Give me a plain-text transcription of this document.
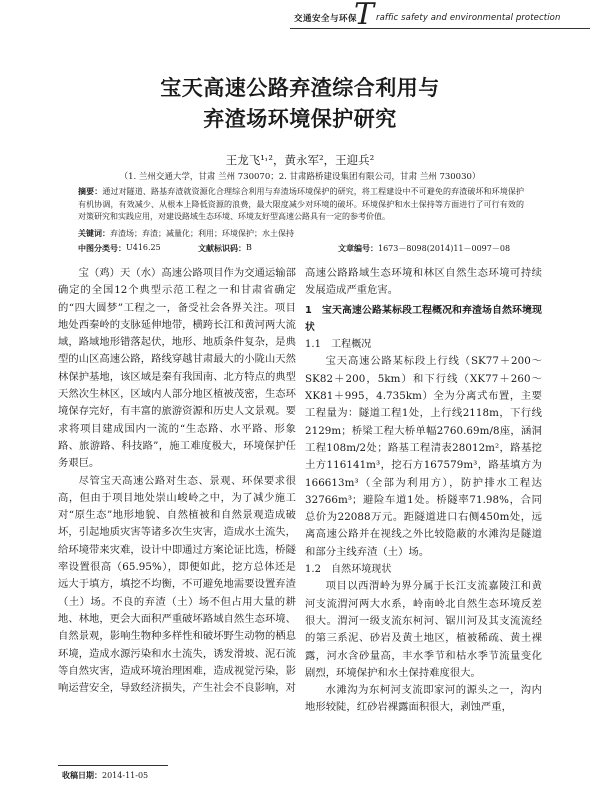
交通安全与环保
T raffic safety and environmental protection
宝天高速公路弃渣综合利用与
弃渣场环境保护研究
王龙飞¹˒²，黄永军²，王迎兵²
（1. 兰州交通大学，甘肃 兰州 730070；2. 甘肃路桥建设集团有限公司，甘肃 兰州 730030）
摘要：通过对隧道、路基弃渣就资源化合理综合利用与弃渣场环境保护的研究，将工程建设中不可避免的弃渣破坏和环境保护有机协调，有效减少、从根本上降低资源的浪费，最大限度减少对环境的破坏。环境保护和水土保持等方面进行了可行有效的对策研究和实践应用，对建设路域生态环境、环境友好型高速公路具有一定的参考价值。
关键词：弃渣场；弃渣；减量化；利用；环境保护；水土保持
中图分类号： U416.25	文献标识码： B	文章编号： 1673－8098(2014)11－0097－08

宝（鸡）天（水）高速公路项目作为交通运输部确定的全国12个典型示范工程之一和甘肃省确定的“四大圆梦”工程之一，备受社会各界关注。项目地处西秦岭的支脉延伸地带，横跨长江和黄河两大流域，路域地形错落起伏，地形、地质条件复杂，是典型的山区高速公路，路线穿越甘肃最大的小陇山天然林保护基地，该区域是秦有我国南、北方特点的典型天然次生林区，区域内人部分地区植被茂密，生态环境保存完好，有丰富的旅游资源和历史人文景观。要求将项目建成国内一流的“生态路、水平路、形象路、旅游路、科技路”，施工难度极大，环境保护任务艰巨。

尽管宝天高速公路对生态、景观、环保要求很高，但由于项目地处崇山峻岭之中，为了减少施工对“原生态”地形地貌、自然植被和自然景观造成破坏，引起地质灾害等诸多次生灾害，造成水土流失，给环境带来灾难，设计中即通过方案论证比选，桥隧率设置很高（65.95%），即便如此，挖方总体还是远大于填方，填挖不均衡，不可避免地需要设置弃渣（土）场。不良的弃渣（土）场不但占用大量的耕地、林地，更会大面积严重破坏路域自然生态环境、自然景观，影响生物种多样性和破坏野生动物的栖息环境，造成水源污染和水土流失，诱发滑坡、泥石流等自然灾害，造成环境治理困难，造成视觉污染，影响运营安全，导致经济损失，产生社会不良影响，对

高速公路路域生态环境和林区自然生态环境可持续发展造成严重危害。

1　宝天高速公路某标段工程概况和弃渣场自然环境现状
1.1　工程概况

宝天高速公路某标段上行线（SK77＋200～SK82＋200，5km）和下行线（XK77＋260～XK81＋995，4.735km）全为分离式布置，主要工程量为：隧道工程1处，上行线2118m，下行线2129m；桥梁工程大桥单幅2760.69m/8座，涵洞工程108m/2处；路基工程清表28012m²，路基挖土方116141m³，挖石方167579m³，路基填方为166613m³（全部为利用方），防护排水工程达32766m³；避险车道1处。桥隧率71.98%，合同总价为22088万元。距隧道进口右侧450m处，远离高速公路并在视线之外比较隐蔽的水滩沟是隧道和部分主线弃渣（土）场。

1.2　自然环境现状

项目以西渭岭为界分属于长江支流嘉陵江和黄河支流渭河两大水系，岭南岭北自然生态环境反差很大。渭河一级支流东柯河、锯川河及其支流流经的第三系泥、砂岩及黄土地区，植被稀疏、黄土裸露，河水含砂量高，丰水季节和枯水季节流量变化剧烈，环境保护和水土保持难度很大。

水滩沟为东柯河支流即家河的源头之一，沟内地形较陡，红砂岩裸露面积很大，剥蚀严重，

收稿日期：2014-11-05
